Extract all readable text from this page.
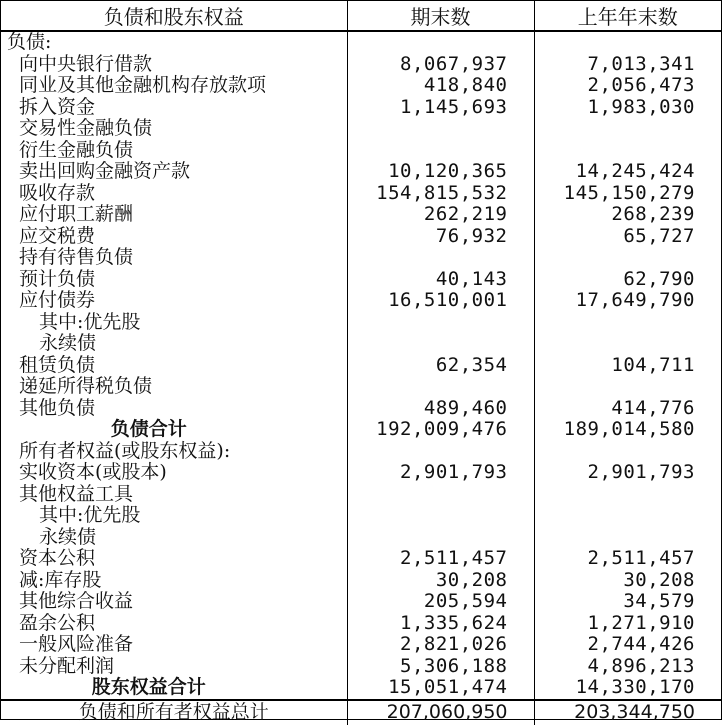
负债和股东权益	期末数	上年年末数
负债:		
向中央银行借款	8,067,937	7,013,341
同业及其他金融机构存放款项	418,840	2,056,473
拆入资金	1,145,693	1,983,030
交易性金融负债		
衍生金融负债		
卖出回购金融资产款	10,120,365	14,245,424
吸收存款	154,815,532	145,150,279
应付职工薪酬	262,219	268,239
应交税费	76,932	65,727
持有待售负债		
预计负债	40,143	62,790
应付债券	16,510,001	17,649,790
其中:优先股		
永续债		
租赁负债	62,354	104,711
递延所得税负债		
其他负债	489,460	414,776
负债合计	192,009,476	189,014,580
所有者权益(或股东权益):		
实收资本(或股本)	2,901,793	2,901,793
其他权益工具		
其中:优先股		
永续债		
资本公积	2,511,457	2,511,457
减:库存股	30,208	30,208
其他综合收益	205,594	34,579
盈余公积	1,335,624	1,271,910
一般风险准备	2,821,026	2,744,426
未分配利润	5,306,188	4,896,213
股东权益合计	15,051,474	14,330,170
负债和所有者权益总计	207,060,950	203,344,750
